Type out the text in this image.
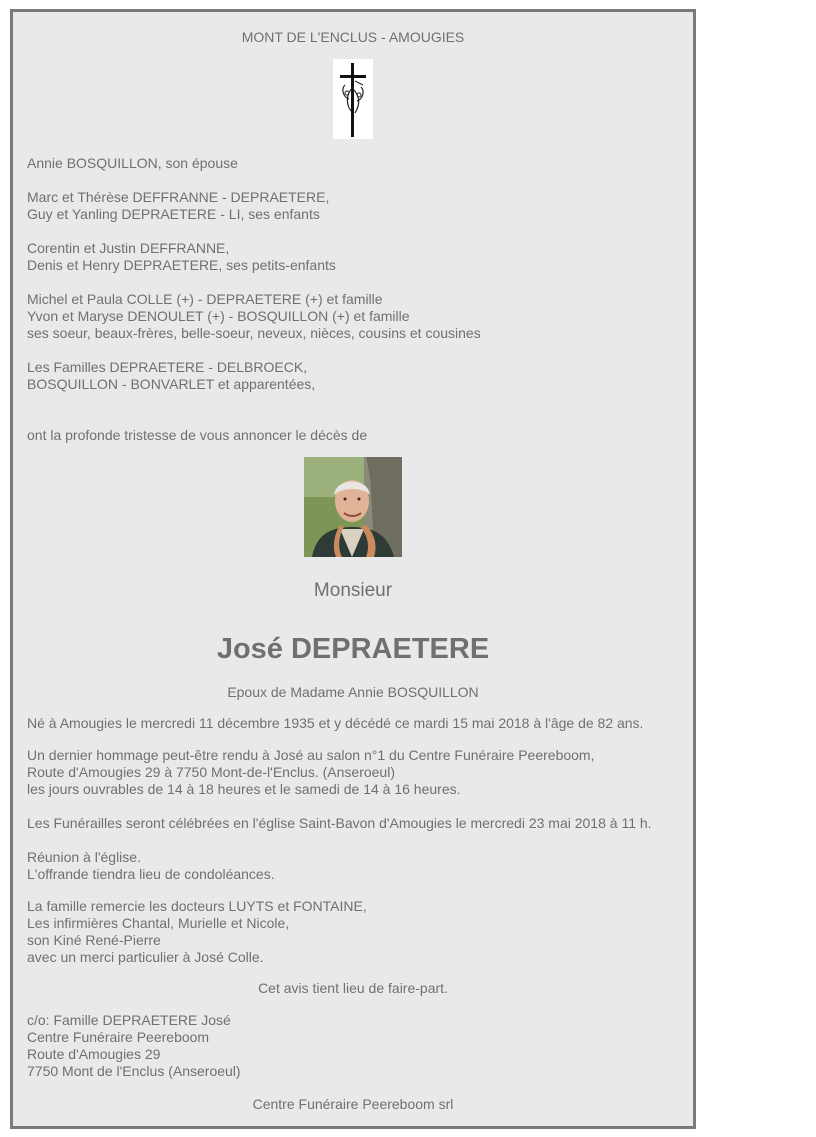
MONT DE L'ENCLUS - AMOUGIES
Annie BOSQUILLON, son épouse
Marc et Thérèse DEFFRANNE - DEPRAETERE,
Guy et Yanling DEPRAETERE - LI, ses enfants
Corentin et Justin DEFFRANNE,
Denis et Henry DEPRAETERE, ses petits-enfants
Michel et Paula COLLE (+) - DEPRAETERE (+) et famille
Yvon et Maryse DENOULET (+) - BOSQUILLON (+) et famille
ses soeur, beaux-frères, belle-soeur, neveux, nièces, cousins et cousines
Les Familles DEPRAETERE - DELBROECK,
BOSQUILLON - BONVARLET et apparentées,
ont la profonde tristesse de vous annoncer le décès de
Monsieur
José DEPRAETERE
Epoux de Madame Annie BOSQUILLON
Né à Amougies le mercredi 11 décembre 1935 et y décédé ce mardi 15 mai 2018 à l'âge de 82 ans.
Un dernier hommage peut-être rendu à José au salon n°1 du Centre Funéraire Peereboom,
Route d'Amougies 29 à 7750 Mont-de-l'Enclus. (Anseroeul)
les jours ouvrables de 14 à 18 heures et le samedi de 14 à 16 heures.
Les Funérailles seront célébrées en l'église Saint-Bavon d'Amougies le mercredi 23 mai 2018 à 11 h.
Réunion à l'église.
L'offrande tiendra lieu de condoléances.
La famille remercie les docteurs LUYTS et FONTAINE,
Les infirmières Chantal, Murielle et Nicole,
son Kiné René-Pierre
avec un merci particulier à José Colle.
Cet avis tient lieu de faire-part.
c/o: Famille DEPRAETERE José
Centre Funéraire Peereboom
Route d'Amougies 29
7750 Mont de l'Enclus (Anseroeul)
Centre Funéraire Peereboom srl
